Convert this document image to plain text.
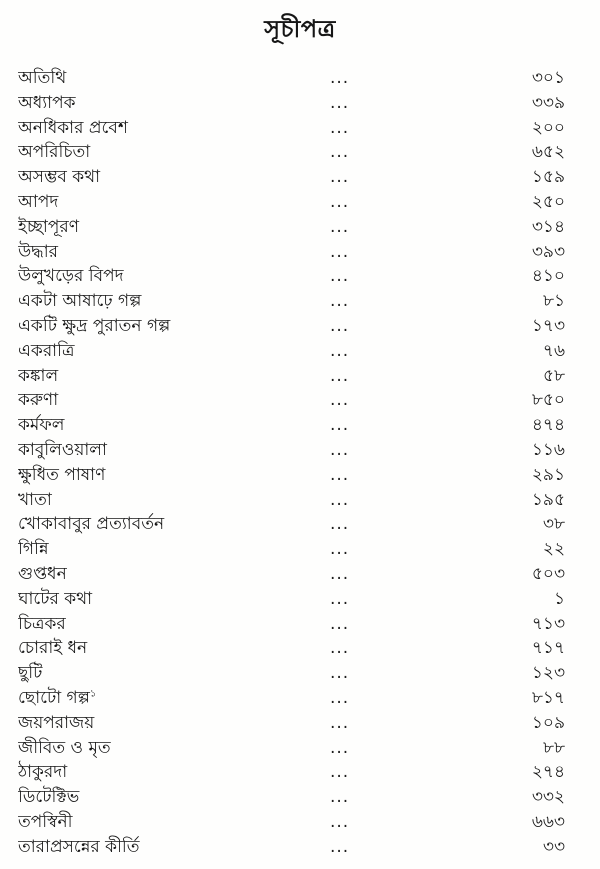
সূচীপত্র
অতিথি	...	৩০১
অধ্যাপক	...	৩৩৯
অনধিকার প্রবেশ	...	২০০
অপরিচিতা	...	৬৫২
অসম্ভব কথা	...	১৫৯
আপদ	...	২৫০
ইচ্ছাপূরণ	...	৩১৪
উদ্ধার	...	৩৯৩
উলুখড়ের বিপদ	...	৪১০
একটা আষাঢ়ে গল্প	...	৮১
একটি ক্ষুদ্র পুরাতন গল্প	...	১৭৩
একরাত্রি	...	৭৬
কঙ্কাল	...	৫৮
করুণা	...	৮৫০
কর্মফল	...	৪৭৪
কাবুলিওয়ালা	...	১১৬
ক্ষুধিত পাষাণ	...	২৯১
খাতা	...	১৯৫
খোকাবাবুর প্রত্যাবর্তন	...	৩৮
গিন্নি	...	২২
গুপ্তধন	...	৫০৩
ঘাটের কথা	...	১
চিত্রকর	...	৭১৩
চোরাই ধন	...	৭১৭
ছুটি	...	১২৩
ছোটো গল্প$^১$	...	৮১৭
জয়পরাজয়	...	১০৯
জীবিত ও মৃত	...	৮৮
ঠাকুরদা	...	২৭৪
ডিটেক্টিভ	...	৩৩২
তপস্বিনী	...	৬৬৩
তারাপ্রসন্নের কীর্তি	...	৩৩
